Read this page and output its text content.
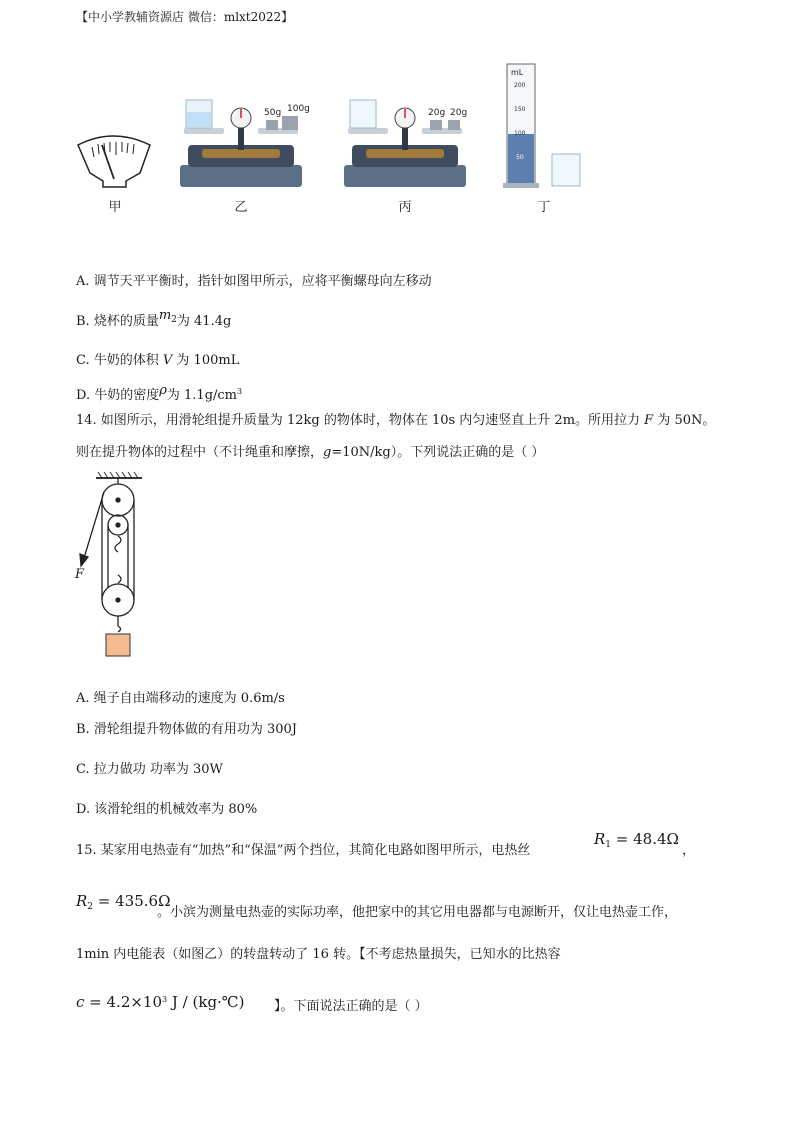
【中小学教辅资源店 微信：mlxt2022】
50g 100g	20g 20g
mL
200
150
100
50
甲	乙	丙	丁
A. 调节天平平衡时，指针如图甲所示，应将平衡螺母向左移动
B. 烧杯的质量$m_2$为 41.4g
C. 牛奶的体积 V 为 100mL
D. 牛奶的密度ρ为 $1.1g/cm^3$
14. 如图所示，用滑轮组提升质量为 12kg 的物体时，物体在 10s 内匀速竖直上升 2m。所用拉力 F 为 50N。
则在提升物体的过程中（不计绳重和摩擦，g=10N/kg）。下列说法正确的是（ ）
F
A. 绳子自由端移动的速度为 0.6m/s
B. 滑轮组提升物体做的有用功为 300J
C. 拉力做功 功率为 30W
D. 该滑轮组的机械效率为 80%
15. 某家用电热壶有“加热”和“保温”两个挡位，其简化电路如图甲所示，电热丝
$R_1 = 48.4\Omega$
，
$R_2 = 435.6\Omega$
。小滨为测量电热壶的实际功率，他把家中的其它用电器都与电源断开，仅让电热壶工作，
1min 内电能表（如图乙）的转盘转动了 16 转。【不考虑热量损失，已知水的比热容
$c = 4.2\times 10^3$ J / (kg·℃) 】。下面说法正确的是（ ）
